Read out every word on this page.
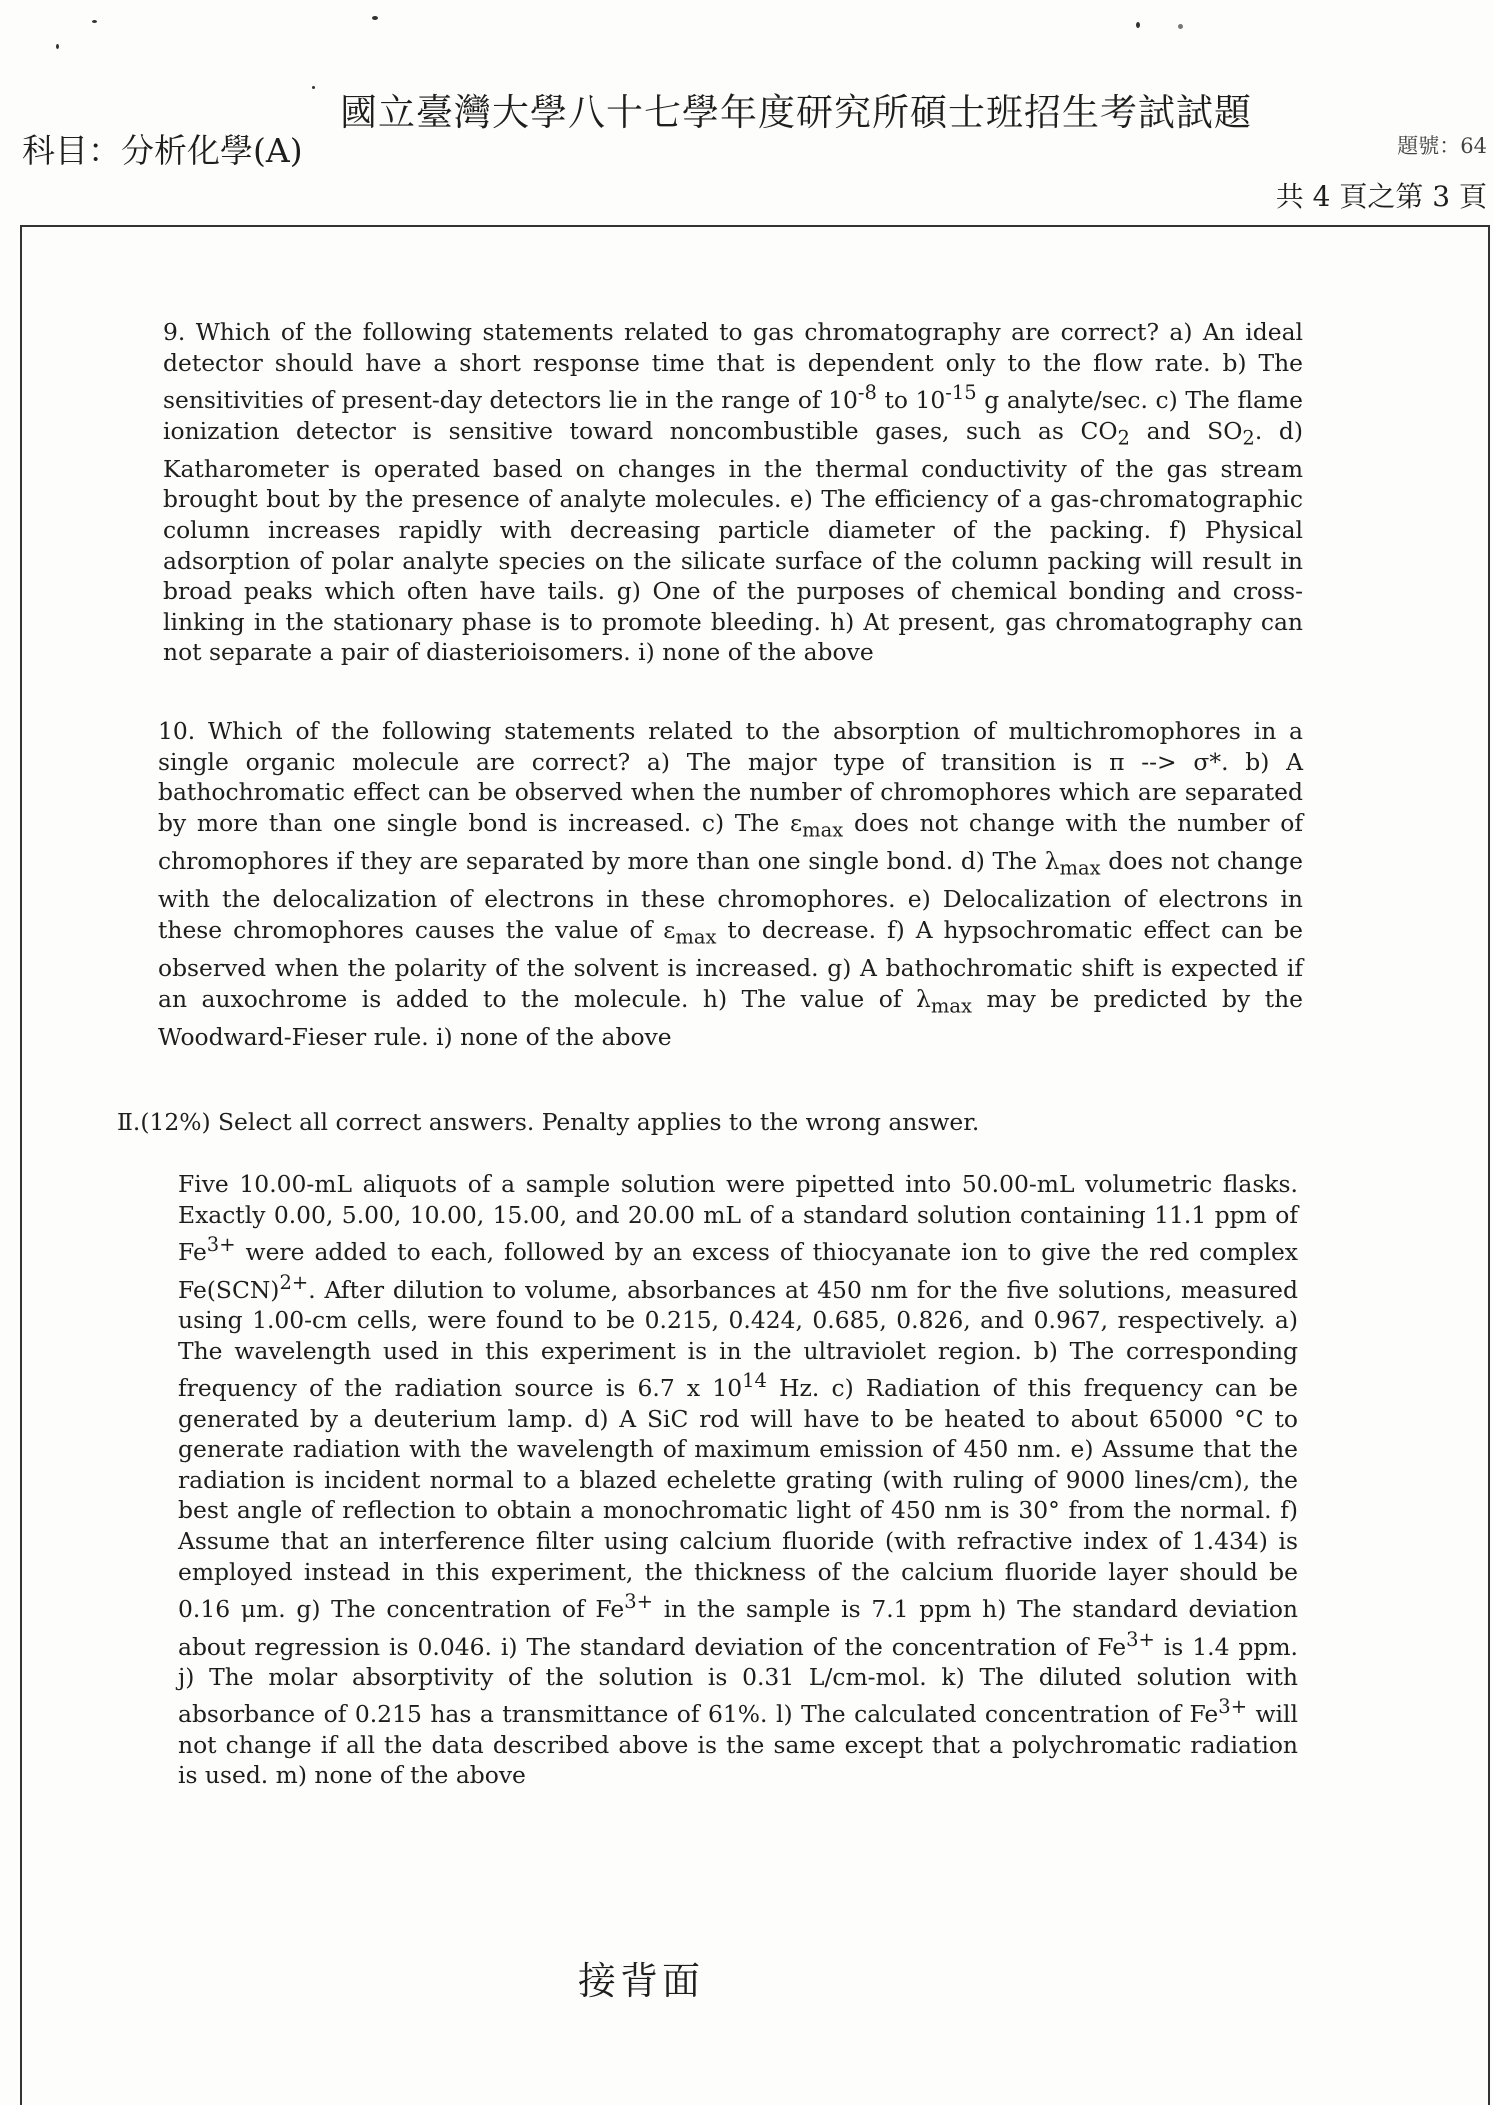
國立臺灣大學八十七學年度研究所碩士班招生考試試題
科目：分析化學(A)	題號：64
共 4 頁之第 3 頁
9. Which of the following statements related to gas chromatography are correct? a) An ideal detector should have a short response time that is dependent only to the flow rate. b) The sensitivities of present-day detectors lie in the range of $10^{-8}$ to $10^{-15}$ g analyte/sec. c) The flame ionization detector is sensitive toward noncombustible gases, such as $CO_2$ and $SO_2$. d) Katharometer is operated based on changes in the thermal conductivity of the gas stream brought bout by the presence of analyte molecules. e) The efficiency of a gas-chromatographic column increases rapidly with decreasing particle diameter of the packing. f) Physical adsorption of polar analyte species on the silicate surface of the column packing will result in broad peaks which often have tails. g) One of the purposes of chemical bonding and cross-linking in the stationary phase is to promote bleeding. h) At present, gas chromatography can not separate a pair of diasterioisomers. i) none of the above
10. Which of the following statements related to the absorption of multichromophores in a single organic molecule are correct? a) The major type of transition is π --> σ*. b) A bathochromatic effect can be observed when the number of chromophores which are separated by more than one single bond is increased. c) The $\varepsilon_{max}$ does not change with the number of chromophores if they are separated by more than one single bond. d) The $\lambda_{max}$ does not change with the delocalization of electrons in these chromophores. e) Delocalization of electrons in these chromophores causes the value of $\varepsilon_{max}$ to decrease. f) A hypsochromatic effect can be observed when the polarity of the solvent is increased. g) A bathochromatic shift is expected if an auxochrome is added to the molecule. h) The value of $\lambda_{max}$ may be predicted by the Woodward-Fieser rule. i) none of the above
Ⅱ.(12%) Select all correct answers. Penalty applies to the wrong answer.
Five 10.00-mL aliquots of a sample solution were pipetted into 50.00-mL volumetric flasks. Exactly 0.00, 5.00, 10.00, 15.00, and 20.00 mL of a standard solution containing 11.1 ppm of $Fe^{3+}$ were added to each, followed by an excess of thiocyanate ion to give the red complex Fe(SCN)$^{2+}$. After dilution to volume, absorbances at 450 nm for the five solutions, measured using 1.00-cm cells, were found to be 0.215, 0.424, 0.685, 0.826, and 0.967, respectively. a) The wavelength used in this experiment is in the ultraviolet region. b) The corresponding frequency of the radiation source is 6.7 x $10^{14}$ Hz. c) Radiation of this frequency can be generated by a deuterium lamp. d) A SiC rod will have to be heated to about 65000 °C to generate radiation with the wavelength of maximum emission of 450 nm. e) Assume that the radiation is incident normal to a blazed echelette grating (with ruling of 9000 lines/cm), the best angle of reflection to obtain a monochromatic light of 450 nm is 30° from the normal. f) Assume that an interference filter using calcium fluoride (with refractive index of 1.434) is employed instead in this experiment, the thickness of the calcium fluoride layer should be 0.16 μm. g) The concentration of $Fe^{3+}$ in the sample is 7.1 ppm h) The standard deviation about regression is 0.046. i) The standard deviation of the concentration of $Fe^{3+}$ is 1.4 ppm. j) The molar absorptivity of the solution is 0.31 L/cm-mol. k) The diluted solution with absorbance of 0.215 has a transmittance of 61%. l) The calculated concentration of $Fe^{3+}$ will not change if all the data described above is the same except that a polychromatic radiation is used. m) none of the above
接背面
